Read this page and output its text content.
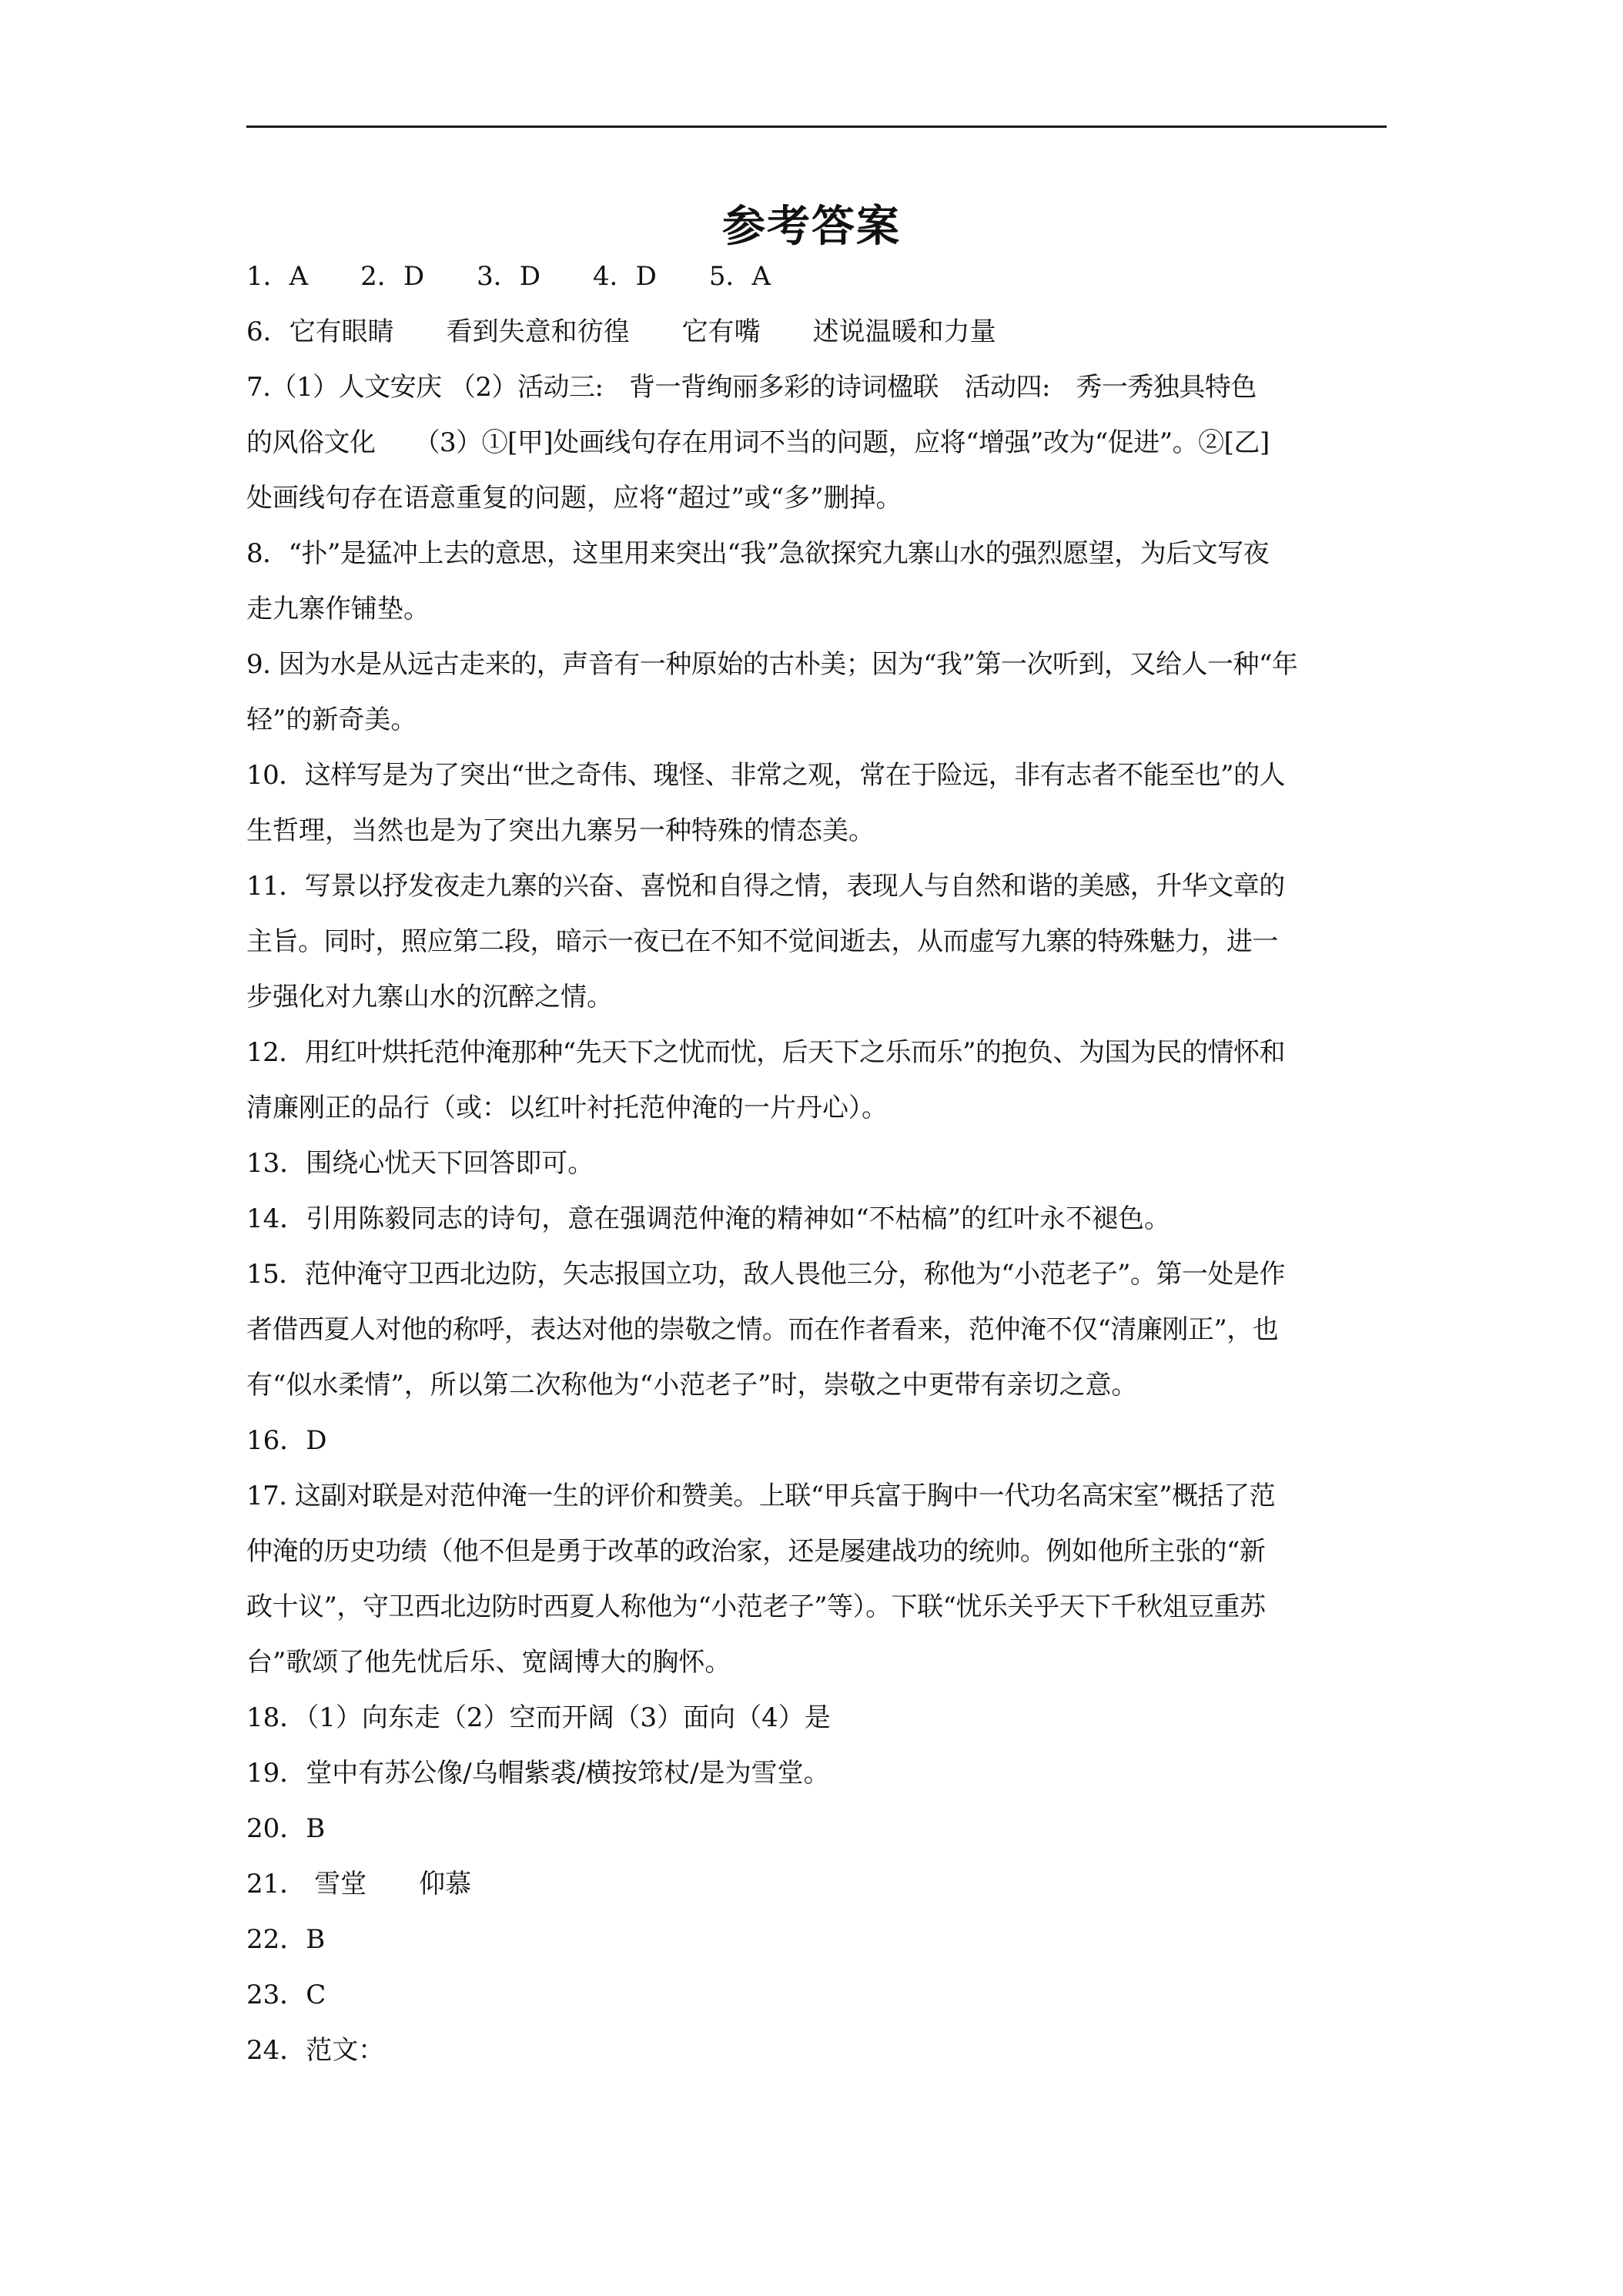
参考答案
1．A　　2．D　　3．D　　4．D　　5．A
6．它有眼睛　　看到失意和彷徨　　它有嘴　　述说温暖和力量
7.（1）人文安庆 （2）活动三:　背一背绚丽多彩的诗词楹联　活动四:　秀一秀独具特色
的风俗文化　　（3）①[甲]处画线句存在用词不当的问题，应将“增强”改为“促进”。②[乙]
处画线句存在语意重复的问题，应将“超过”或“多”删掉。
8．“扑”是猛冲上去的意思，这里用来突出“我”急欲探究九寨山水的强烈愿望，为后文写夜
走九寨作铺垫。
9. 因为水是从远古走来的，声音有一种原始的古朴美；因为“我”第一次听到，又给人一种“年
轻”的新奇美。
10．这样写是为了突出“世之奇伟、瑰怪、非常之观，常在于险远，非有志者不能至也”的人
生哲理，当然也是为了突出九寨另一种特殊的情态美。
11．写景以抒发夜走九寨的兴奋、喜悦和自得之情，表现人与自然和谐的美感，升华文章的
主旨。同时，照应第二段，暗示一夜已在不知不觉间逝去，从而虚写九寨的特殊魅力，进一
步强化对九寨山水的沉醉之情。
12．用红叶烘托范仲淹那种“先天下之忧而忧，后天下之乐而乐”的抱负、为国为民的情怀和
清廉刚正的品行（或：以红叶衬托范仲淹的一片丹心）。
13．围绕心忧天下回答即可。
14．引用陈毅同志的诗句，意在强调范仲淹的精神如“不枯槁”的红叶永不褪色。
15．范仲淹守卫西北边防，矢志报国立功，敌人畏他三分，称他为“小范老子”。第一处是作
者借西夏人对他的称呼，表达对他的崇敬之情。而在作者看来，范仲淹不仅“清廉刚正”，也
有“似水柔情”，所以第二次称他为“小范老子”时，崇敬之中更带有亲切之意。
16．D
17. 这副对联是对范仲淹一生的评价和赞美。上联“甲兵富于胸中一代功名高宋室”概括了范
仲淹的历史功绩（他不但是勇于改革的政治家，还是屡建战功的统帅。例如他所主张的“新
政十议”，守卫西北边防时西夏人称他为“小范老子”等）。下联“忧乐关乎天下千秋俎豆重苏
台”歌颂了他先忧后乐、宽阔博大的胸怀。
18．（1）向东走（2）空而开阔（3）面向（4）是
19．堂中有苏公像/乌帽紫裘/横按筇杖/是为雪堂。
20．B
21． 雪堂　　仰慕
22．B
23．C
24．范文：
